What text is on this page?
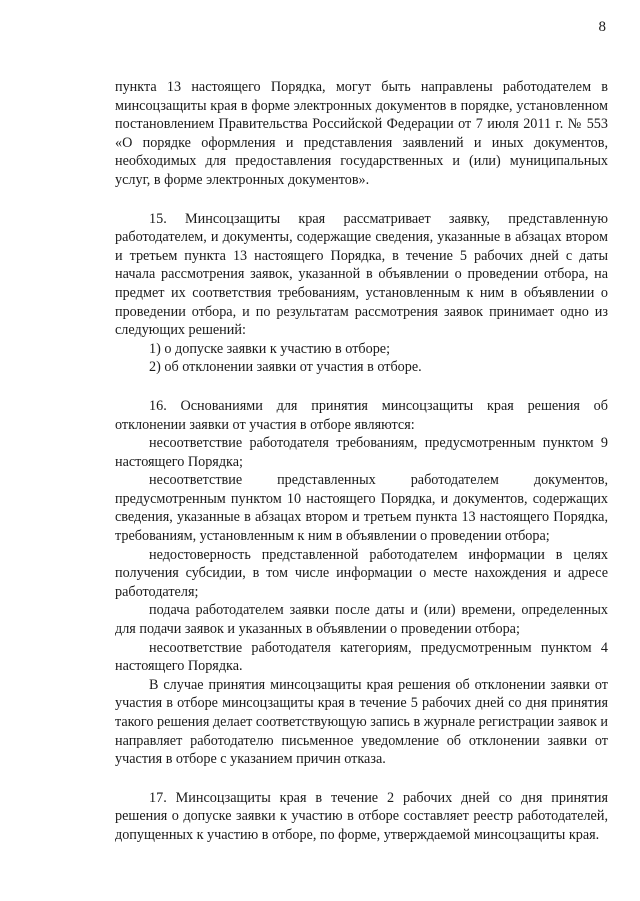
8

пункта 13 настоящего Порядка, могут быть направлены работодателем в минсоцзащиты края в форме электронных документов в порядке, установленном постановлением Правительства Российской Федерации от 7 июля 2011 г. № 553 «О порядке оформления и представления заявлений и иных документов, необходимых для предоставления государственных и (или) муниципальных услуг, в форме электронных документов».

15. Минсоцзащиты края рассматривает заявку, представленную работодателем, и документы, содержащие сведения, указанные в абзацах втором и третьем пункта 13 настоящего Порядка, в течение 5 рабочих дней с даты начала рассмотрения заявок, указанной в объявлении о проведении отбора, на предмет их соответствия требованиям, установленным к ним в объявлении о проведении отбора, и по результатам рассмотрения заявок принимает одно из следующих решений:

1) о допуске заявки к участию в отборе;

2) об отклонении заявки от участия в отборе.

16. Основаниями для принятия минсоцзащиты края решения об отклонении заявки от участия в отборе являются:

несоответствие работодателя требованиям, предусмотренным пунктом 9 настоящего Порядка;

несоответствие представленных работодателем документов, предусмотренным пунктом 10 настоящего Порядка, и документов, содержащих сведения, указанные в абзацах втором и третьем пункта 13 настоящего Порядка, требованиям, установленным к ним в объявлении о проведении отбора;

недостоверность представленной работодателем информации в целях получения субсидии, в том числе информации о месте нахождения и адресе работодателя;

подача работодателем заявки после даты и (или) времени, определенных для подачи заявок и указанных в объявлении о проведении отбора;

несоответствие работодателя категориям, предусмотренным пунктом 4 настоящего Порядка.

В случае принятия минсоцзащиты края решения об отклонении заявки от участия в отборе минсоцзащиты края в течение 5 рабочих дней со дня принятия такого решения делает соответствующую запись в журнале регистрации заявок и направляет работодателю письменное уведомление об отклонении заявки от участия в отборе с указанием причин отказа.

17. Минсоцзащиты края в течение 2 рабочих дней со дня принятия решения о допуске заявки к участию в отборе составляет реестр работодателей, допущенных к участию в отборе, по форме, утверждаемой минсоцзащиты края.
